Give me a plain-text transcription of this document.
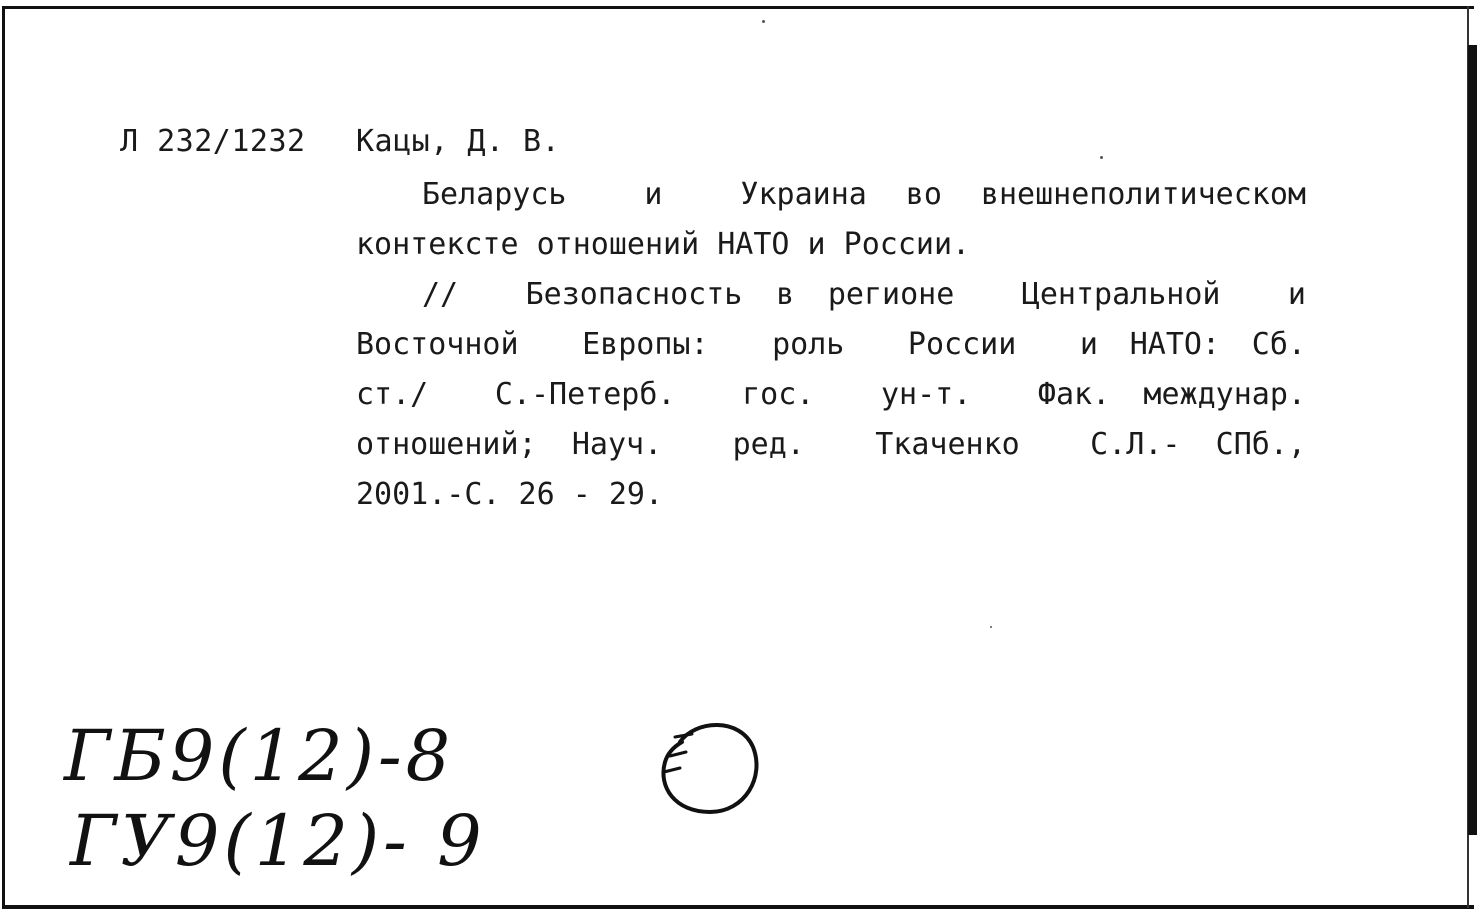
Л 232/1232 Кацы, Д. В.
Беларусь  и  Украина во внешнеполитическом
контексте отношений НАТО и России.
//  Безопасность в регионе  Центральной  и
Восточной  Европы:  роль  России  и НАТО: Сб.
ст./  С.-Петерб.  гос.  ун-т.  Фак. междунар.
отношений; Науч.  ред.  Ткаченко  С.Л.- СПб.,
2001.-С. 26 - 29.
ГБ9(12)-8
ГУ9(12)- 9
